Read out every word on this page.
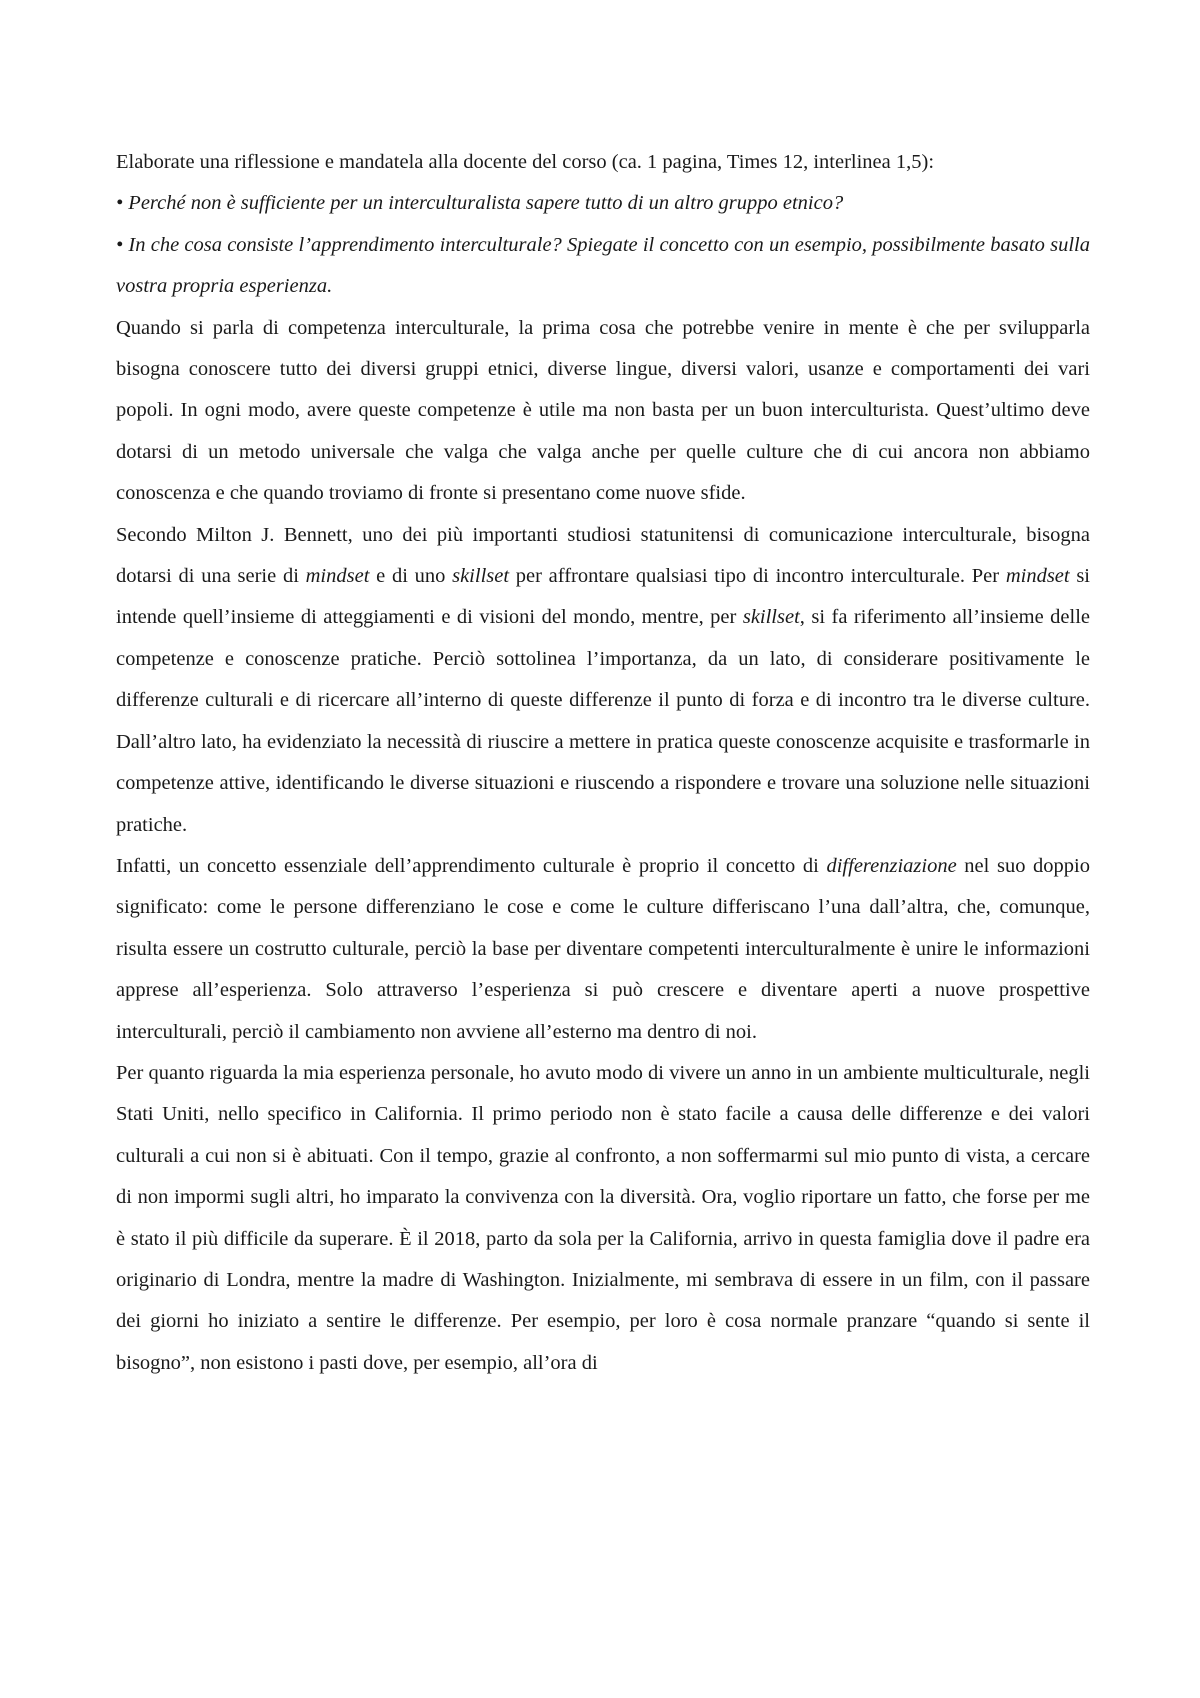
Elaborate una riflessione e mandatela alla docente del corso (ca. 1 pagina, Times 12, interlinea 1,5):

• Perché non è sufficiente per un interculturalista sapere tutto di un altro gruppo etnico?

• In che cosa consiste l’apprendimento interculturale? Spiegate il concetto con un esempio, possibilmente basato sulla vostra propria esperienza.

Quando si parla di competenza interculturale, la prima cosa che potrebbe venire in mente è che per svilupparla bisogna conoscere tutto dei diversi gruppi etnici, diverse lingue, diversi valori, usanze e comportamenti dei vari popoli. In ogni modo, avere queste competenze è utile ma non basta per un buon interculturista. Quest’ultimo deve dotarsi di un metodo universale che valga che valga anche per quelle culture che di cui ancora non abbiamo conoscenza e che quando troviamo di fronte si presentano come nuove sfide.

Secondo Milton J. Bennett, uno dei più importanti studiosi statunitensi di comunicazione interculturale, bisogna dotarsi di una serie di mindset e di uno skillset per affrontare qualsiasi tipo di incontro interculturale. Per mindset si intende quell’insieme di atteggiamenti e di visioni del mondo, mentre, per skillset, si fa riferimento all’insieme delle competenze e conoscenze pratiche. Perciò sottolinea l’importanza, da un lato, di considerare positivamente le differenze culturali e di ricercare all’interno di queste differenze il punto di forza e di incontro tra le diverse culture. Dall’altro lato, ha evidenziato la necessità di riuscire a mettere in pratica queste conoscenze acquisite e trasformarle in competenze attive, identificando le diverse situazioni e riuscendo a rispondere e trovare una soluzione nelle situazioni pratiche.

Infatti, un concetto essenziale dell’apprendimento culturale è proprio il concetto di differenziazione nel suo doppio significato: come le persone differenziano le cose e come le culture differiscano l’una dall’altra, che, comunque, risulta essere un costrutto culturale, perciò la base per diventare competenti interculturalmente è unire le informazioni apprese all’esperienza. Solo attraverso l’esperienza si può crescere e diventare aperti a nuove prospettive interculturali, perciò il cambiamento non avviene all’esterno ma dentro di noi.

Per quanto riguarda la mia esperienza personale, ho avuto modo di vivere un anno in un ambiente multiculturale, negli Stati Uniti, nello specifico in California. Il primo periodo non è stato facile a causa delle differenze e dei valori culturali a cui non si è abituati. Con il tempo, grazie al confronto, a non soffermarmi sul mio punto di vista, a cercare di non impormi sugli altri, ho imparato la convivenza con la diversità. Ora, voglio riportare un fatto, che forse per me è stato il più difficile da superare. È il 2018, parto da sola per la California, arrivo in questa famiglia dove il padre era originario di Londra, mentre la madre di Washington. Inizialmente, mi sembrava di essere in un film, con il passare dei giorni ho iniziato a sentire le differenze. Per esempio, per loro è cosa normale pranzare “quando si sente il bisogno”, non esistono i pasti dove, per esempio, all’ora di
